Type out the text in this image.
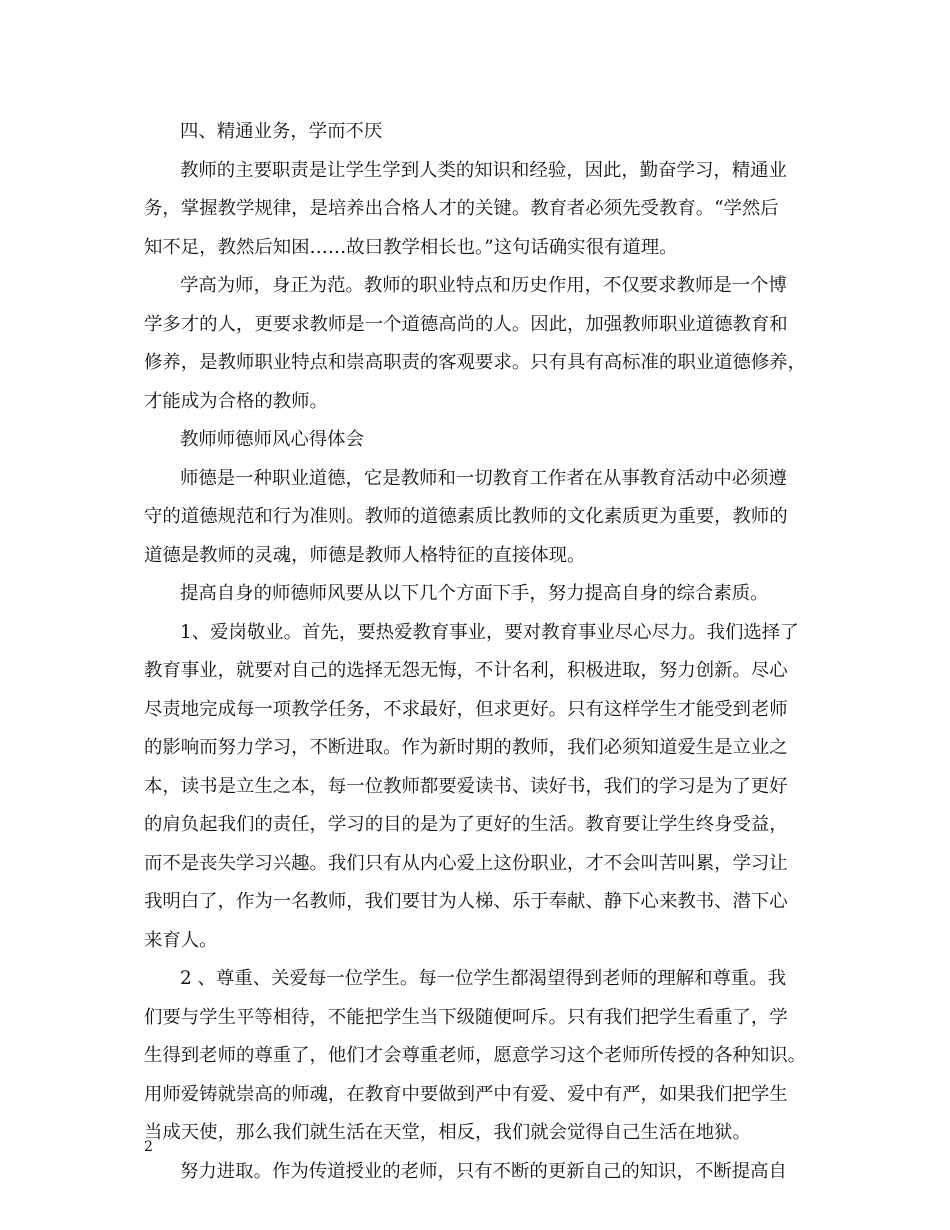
四、精通业务，学而不厌
教师的主要职责是让学生学到人类的知识和经验，因此，勤奋学习，精通业
务，掌握教学规律，是培养出合格人才的关键。教育者必须先受教育。“学然后
知不足，教然后知困……故曰教学相长也。”这句话确实很有道理。
学高为师，身正为范。教师的职业特点和历史作用，不仅要求教师是一个博
学多才的人，更要求教师是一个道德高尚的人。因此，加强教师职业道德教育和
修养，是教师职业特点和崇高职责的客观要求。只有具有高标准的职业道德修养，
才能成为合格的教师。
教师师德师风心得体会
师德是一种职业道德，它是教师和一切教育工作者在从事教育活动中必须遵
守的道德规范和行为准则。教师的道德素质比教师的文化素质更为重要，教师的
道德是教师的灵魂，师德是教师人格特征的直接体现。
提高自身的师德师风要从以下几个方面下手，努力提高自身的综合素质。
1、爱岗敬业。首先，要热爱教育事业，要对教育事业尽心尽力。我们选择了
教育事业，就要对自己的选择无怨无悔，不计名利，积极进取，努力创新。尽心
尽责地完成每一项教学任务，不求最好，但求更好。只有这样学生才能受到老师
的影响而努力学习，不断进取。作为新时期的教师，我们必须知道爱生是立业之
本，读书是立生之本，每一位教师都要爱读书、读好书，我们的学习是为了更好
的肩负起我们的责任，学习的目的是为了更好的生活。教育要让学生终身受益，
而不是丧失学习兴趣。我们只有从内心爱上这份职业，才不会叫苦叫累，学习让
我明白了，作为一名教师，我们要甘为人梯、乐于奉献、静下心来教书、潜下心
来育人。
2 、尊重、关爱每一位学生。每一位学生都渴望得到老师的理解和尊重。我
们要与学生平等相待，不能把学生当下级随便呵斥。只有我们把学生看重了，学
生得到老师的尊重了，他们才会尊重老师，愿意学习这个老师所传授的各种知识。
用师爱铸就崇高的师魂，在教育中要做到严中有爱、爱中有严，如果我们把学生
当成天使，那么我们就生活在天堂，相反，我们就会觉得自己生活在地狱。
努力进取。作为传道授业的老师，只有不断的更新自己的知识，不断提高自
2
